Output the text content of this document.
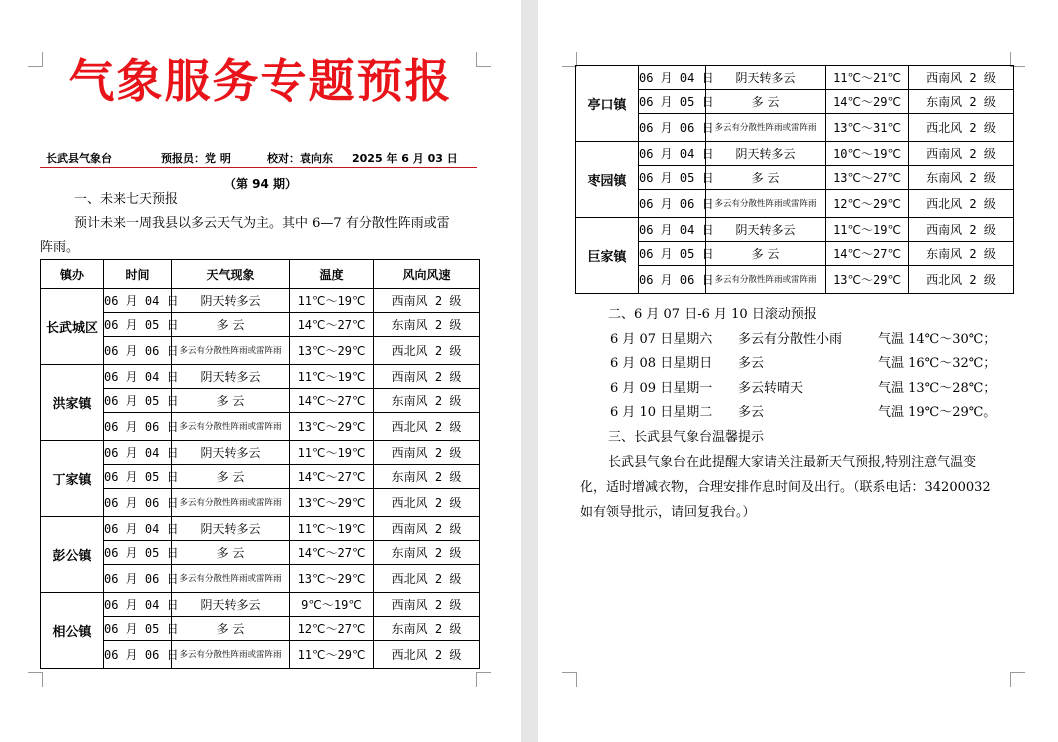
气象服务专题预报
长武县气象台	预报员：党 明	校对：袁向东 2025 年 6 月 03 日
（第 94 期）
一、未来七天预报
预计未来一周我县以多云天气为主。其中 6—7 有分散性阵雨或雷
阵雨。
镇办	时间	天气现象	温度	风向风速
长武城区	06 月 04 日	阴天转多云	11℃～19℃	西南风 2 级
	06 月 05 日	多 云	14℃～27℃	东南风 2 级
	06 月 06 日	多云有分散性阵雨或雷阵雨	13℃～29℃	西北风 2 级
洪家镇	06 月 04 日	阴天转多云	11℃～19℃	西南风 2 级
	06 月 05 日	多 云	14℃～27℃	东南风 2 级
	06 月 06 日	多云有分散性阵雨或雷阵雨	13℃～29℃	西北风 2 级
丁家镇	06 月 04 日	阴天转多云	11℃～19℃	西南风 2 级
	06 月 05 日	多 云	14℃～27℃	东南风 2 级
	06 月 06 日	多云有分散性阵雨或雷阵雨	13℃～29℃	西北风 2 级
彭公镇	06 月 04 日	阴天转多云	11℃～19℃	西南风 2 级
	06 月 05 日	多 云	14℃～27℃	东南风 2 级
	06 月 06 日	多云有分散性阵雨或雷阵雨	13℃～29℃	西北风 2 级
相公镇	06 月 04 日	阴天转多云	9℃～19℃	西南风 2 级
	06 月 05 日	多 云	12℃～27℃	东南风 2 级
	06 月 06 日	多云有分散性阵雨或雷阵雨	11℃～29℃	西北风 2 级
亭口镇	06 月 04 日	阴天转多云	11℃～21℃	西南风 2 级
	06 月 05 日	多 云	14℃～29℃	东南风 2 级
	06 月 06 日	多云有分散性阵雨或雷阵雨	13℃～31℃	西北风 2 级
枣园镇	06 月 04 日	阴天转多云	10℃～19℃	西南风 2 级
	06 月 05 日	多 云	13℃～27℃	东南风 2 级
	06 月 06 日	多云有分散性阵雨或雷阵雨	12℃～29℃	西北风 2 级
巨家镇	06 月 04 日	阴天转多云	11℃～19℃	西南风 2 级
	06 月 05 日	多 云	14℃～27℃	东南风 2 级
	06 月 06 日	多云有分散性阵雨或雷阵雨	13℃～29℃	西北风 2 级
二、6 月 07 日-6 月 10 日滚动预报
6 月 07 日星期六 多云有分散性小雨	气温 14℃～30℃；
6 月 08 日星期日 多云	气温 16℃～32℃；
6 月 09 日星期一 多云转晴天	气温 13℃～28℃；
6 月 10 日星期二 多云	气温 19℃～29℃。
三、长武县气象台温馨提示
长武县气象台在此提醒大家请关注最新天气预报,特别注意气温变
化，适时增减衣物，合理安排作息时间及出行。（联系电话：34200032
如有领导批示，请回复我台。）
